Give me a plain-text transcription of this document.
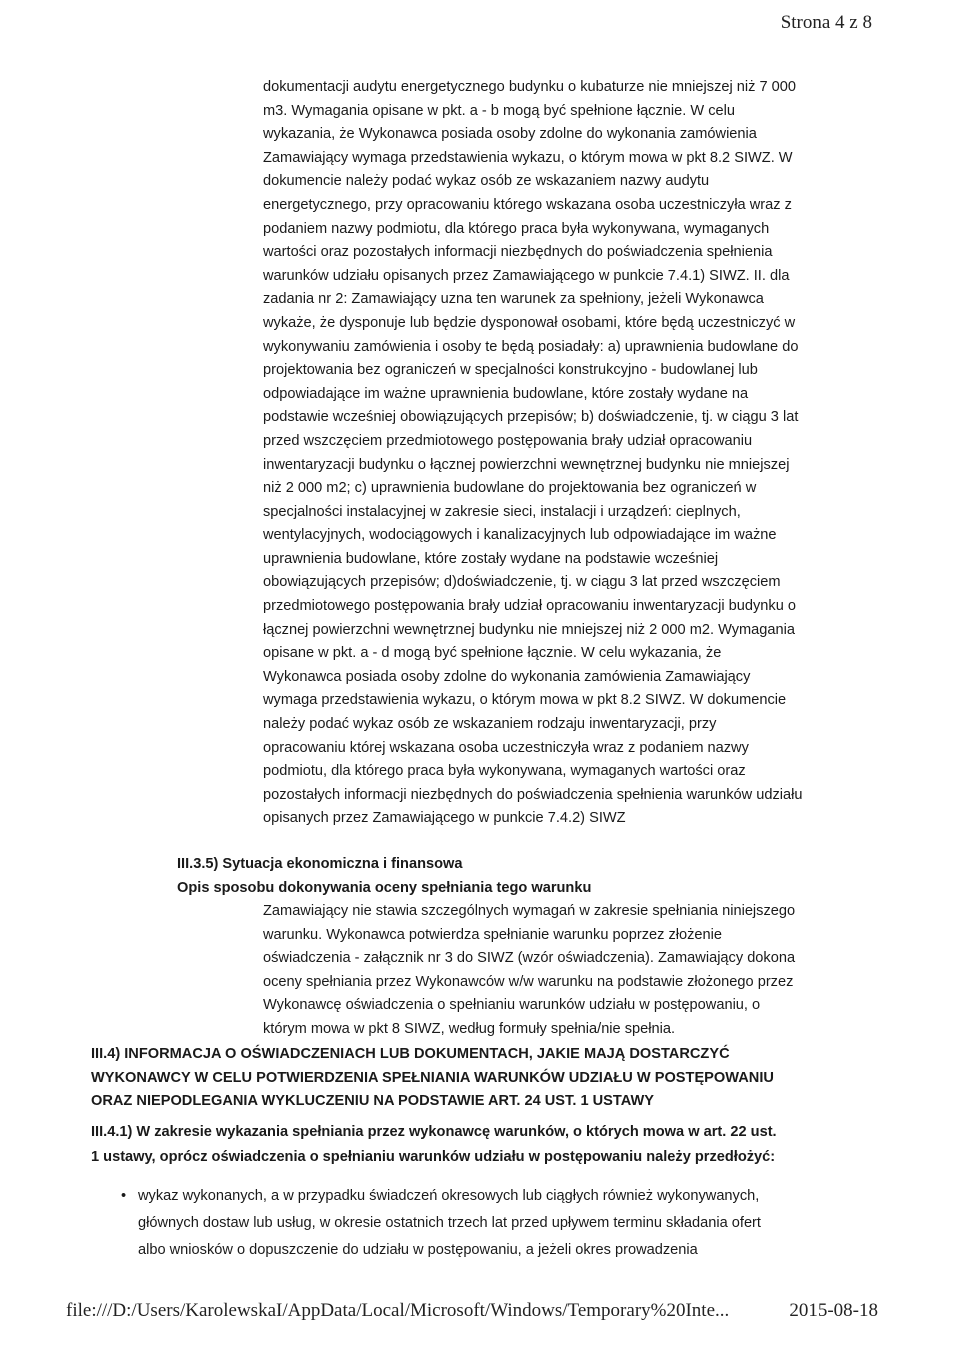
Strona 4 z 8
dokumentacji audytu energetycznego budynku o kubaturze nie mniejszej niż 7 000
m3. Wymagania opisane w pkt. a - b mogą być spełnione łącznie. W celu
wykazania, że Wykonawca posiada osoby zdolne do wykonania zamówienia
Zamawiający wymaga przedstawienia wykazu, o którym mowa w pkt 8.2 SIWZ. W
dokumencie należy podać wykaz osób ze wskazaniem nazwy audytu
energetycznego, przy opracowaniu którego wskazana osoba uczestniczyła wraz z
podaniem nazwy podmiotu, dla którego praca była wykonywana, wymaganych
wartości oraz pozostałych informacji niezbędnych do poświadczenia spełnienia
warunków udziału opisanych przez Zamawiającego w punkcie 7.4.1) SIWZ. II. dla
zadania nr 2: Zamawiający uzna ten warunek za spełniony, jeżeli Wykonawca
wykaże, że dysponuje lub będzie dysponował osobami, które będą uczestniczyć w
wykonywaniu zamówienia i osoby te będą posiadały: a) uprawnienia budowlane do
projektowania bez ograniczeń w specjalności konstrukcyjno - budowlanej lub
odpowiadające im ważne uprawnienia budowlane, które zostały wydane na
podstawie wcześniej obowiązujących przepisów; b) doświadczenie, tj. w ciągu 3 lat
przed wszczęciem przedmiotowego postępowania brały udział opracowaniu
inwentaryzacji budynku o łącznej powierzchni wewnętrznej budynku nie mniejszej
niż 2 000 m2; c) uprawnienia budowlane do projektowania bez ograniczeń w
specjalności instalacyjnej w zakresie sieci, instalacji i urządzeń: cieplnych,
wentylacyjnych, wodociągowych i kanalizacyjnych lub odpowiadające im ważne
uprawnienia budowlane, które zostały wydane na podstawie wcześniej
obowiązujących przepisów; d)doświadczenie, tj. w ciągu 3 lat przed wszczęciem
przedmiotowego postępowania brały udział opracowaniu inwentaryzacji budynku o
łącznej powierzchni wewnętrznej budynku nie mniejszej niż 2 000 m2. Wymagania
opisane w pkt. a - d mogą być spełnione łącznie. W celu wykazania, że
Wykonawca posiada osoby zdolne do wykonania zamówienia Zamawiający
wymaga przedstawienia wykazu, o którym mowa w pkt 8.2 SIWZ. W dokumencie
należy podać wykaz osób ze wskazaniem rodzaju inwentaryzacji, przy
opracowaniu której wskazana osoba uczestniczyła wraz z podaniem nazwy
podmiotu, dla którego praca była wykonywana, wymaganych wartości oraz
pozostałych informacji niezbędnych do poświadczenia spełnienia warunków udziału
opisanych przez Zamawiającego w punkcie 7.4.2) SIWZ
III.3.5) Sytuacja ekonomiczna i finansowa
Opis sposobu dokonywania oceny spełniania tego warunku
Zamawiający nie stawia szczególnych wymagań w zakresie spełniania niniejszego
warunku. Wykonawca potwierdza spełnianie warunku poprzez złożenie
oświadczenia - załącznik nr 3 do SIWZ (wzór oświadczenia). Zamawiający dokona
oceny spełniania przez Wykonawców w/w warunku na podstawie złożonego przez
Wykonawcę oświadczenia o spełnianiu warunków udziału w postępowaniu, o
którym mowa w pkt 8 SIWZ, według formuły spełnia/nie spełnia.
III.4) INFORMACJA O OŚWIADCZENIACH LUB DOKUMENTACH, JAKIE MAJĄ DOSTARCZYĆ
WYKONAWCY W CELU POTWIERDZENIA SPEŁNIANIA WARUNKÓW UDZIAŁU W POSTĘPOWANIU
ORAZ NIEPODLEGANIA WYKLUCZENIU NA PODSTAWIE ART. 24 UST. 1 USTAWY
III.4.1) W zakresie wykazania spełniania przez wykonawcę warunków, o których mowa w art. 22 ust.
1 ustawy, oprócz oświadczenia o spełnianiu warunków udziału w postępowaniu należy przedłożyć:
• wykaz wykonanych, a w przypadku świadczeń okresowych lub ciągłych również wykonywanych,
głównych dostaw lub usług, w okresie ostatnich trzech lat przed upływem terminu składania ofert
albo wniosków o dopuszczenie do udziału w postępowaniu, a jeżeli okres prowadzenia
file:///D:/Users/KarolewskaI/AppData/Local/Microsoft/Windows/Temporary%20Inte...	2015-08-18
